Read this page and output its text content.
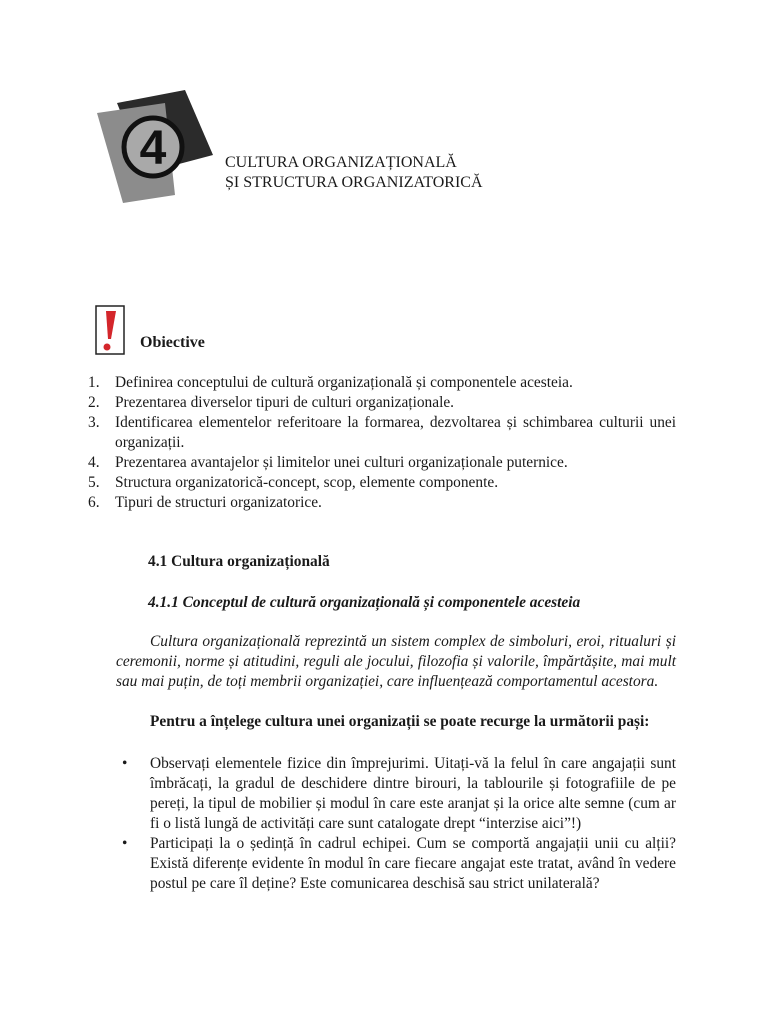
4	CULTURA ORGANIZAȚIONALĂ
ȘI STRUCTURA ORGANIZATORICĂ
Obiective
1. Definirea conceptului de cultură organizațională și componentele acesteia.
2. Prezentarea diverselor tipuri de culturi organizaționale.
3. Identificarea elementelor referitoare la formarea, dezvoltarea și schimbarea culturii unei organizații.
4. Prezentarea avantajelor și limitelor unei culturi organizaționale puternice.
5. Structura organizatorică-concept, scop, elemente componente.
6. Tipuri de structuri organizatorice.
4.1 Cultura organizațională
4.1.1 Conceptul de cultură organizațională și componentele acesteia

Cultura organizațională reprezintă un sistem complex de simboluri, eroi, ritualuri și ceremonii, norme și atitudini, reguli ale jocului, filozofia și valorile, împărtășite, mai mult sau mai puțin, de toți membrii organizației, care influențează comportamentul acestora.

Pentru a înțelege cultura unei organizații se poate recurge la următorii pași:

• Observați elementele fizice din împrejurimi. Uitați-vă la felul în care angajații sunt îmbrăcați, la gradul de deschidere dintre birouri, la tablourile și fotografiile de pe pereți, la tipul de mobilier și modul în care este aranjat și la orice alte semne (cum ar fi o listă lungă de activități care sunt catalogate drept “interzise aici”!)
• Participați la o ședință în cadrul echipei. Cum se comportă angajații unii cu alții? Există diferențe evidente în modul în care fiecare angajat este tratat, având în vedere postul pe care îl deține? Este comunicarea deschisă sau strict unilaterală?
